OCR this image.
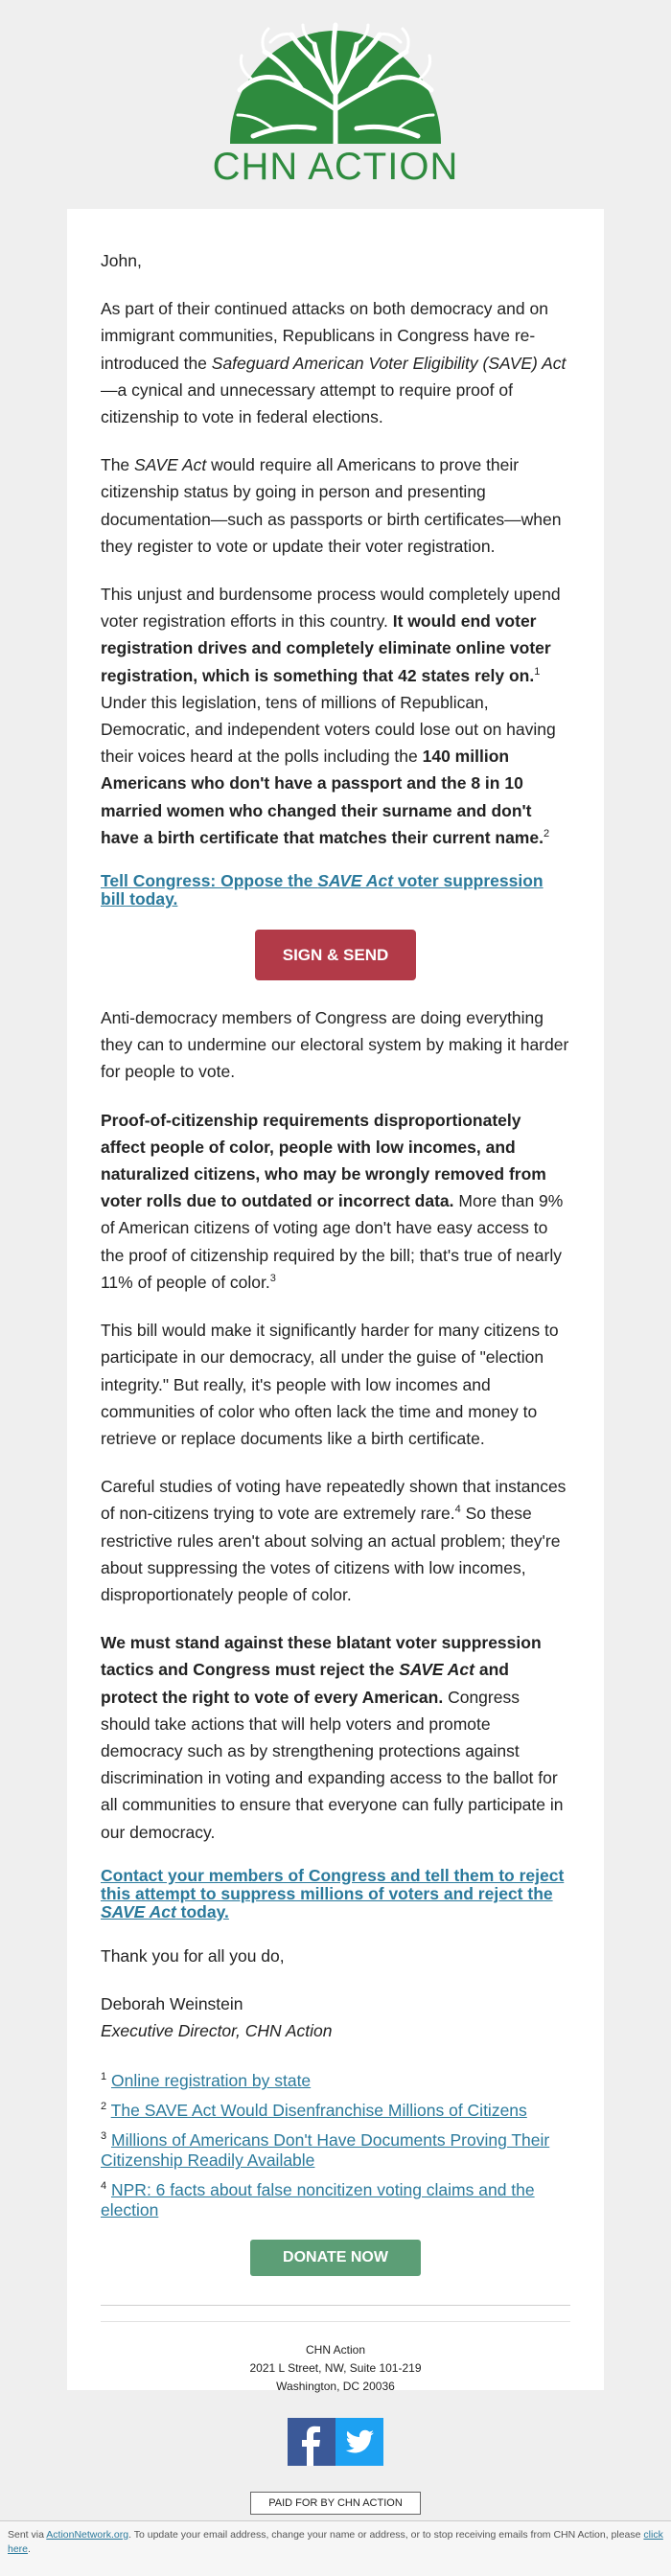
CHN ACTION

John,

As part of their continued attacks on both democracy and on immigrant communities, Republicans in Congress have re-introduced the Safeguard American Voter Eligibility (SAVE) Act—a cynical and unnecessary attempt to require proof of citizenship to vote in federal elections.

The SAVE Act would require all Americans to prove their citizenship status by going in person and presenting documentation—such as passports or birth certificates—when they register to vote or update their voter registration.

This unjust and burdensome process would completely upend voter registration efforts in this country. It would end voter registration drives and completely eliminate online voter registration, which is something that 42 states rely on.$^1$ Under this legislation, tens of millions of Republican, Democratic, and independent voters could lose out on having their voices heard at the polls including the 140 million Americans who don't have a passport and the 8 in 10 married women who changed their surname and don't have a birth certificate that matches their current name.$^2$

Tell Congress: Oppose the SAVE Act voter suppression bill today.
SIGN & SEND

Anti-democracy members of Congress are doing everything they can to undermine our electoral system by making it harder for people to vote.

Proof-of-citizenship requirements disproportionately affect people of color, people with low incomes, and naturalized citizens, who may be wrongly removed from voter rolls due to outdated or incorrect data. More than 9% of American citizens of voting age don't have easy access to the proof of citizenship required by the bill; that's true of nearly 11% of people of color.$^3$

This bill would make it significantly harder for many citizens to participate in our democracy, all under the guise of "election integrity." But really, it's people with low incomes and communities of color who often lack the time and money to retrieve or replace documents like a birth certificate.

Careful studies of voting have repeatedly shown that instances of non-citizens trying to vote are extremely rare.$^4$ So these restrictive rules aren't about solving an actual problem; they're about suppressing the votes of citizens with low incomes, disproportionately people of color.

We must stand against these blatant voter suppression tactics and Congress must reject the SAVE Act and protect the right to vote of every American. Congress should take actions that will help voters and promote democracy such as by strengthening protections against discrimination in voting and expanding access to the ballot for all communities to ensure that everyone can fully participate in our democracy.

Contact your members of Congress and tell them to reject this attempt to suppress millions of voters and reject the SAVE Act today.

Thank you for all you do,

Deborah Weinstein
Executive Director, CHN Action

$^1$ Online registration by state
$^2$ The SAVE Act Would Disenfranchise Millions of Citizens
$^3$ Millions of Americans Don't Have Documents Proving Their Citizenship Readily Available
$^4$ NPR: 6 facts about false noncitizen voting claims and the election
DONATE NOW
CHN Action
2021 L Street, NW, Suite 101-219
Washington, DC 20036
PAID FOR BY CHN ACTION
Sent via ActionNetwork.org. To update your email address, change your name or address, or to stop receiving emails from CHN Action, please click here.
